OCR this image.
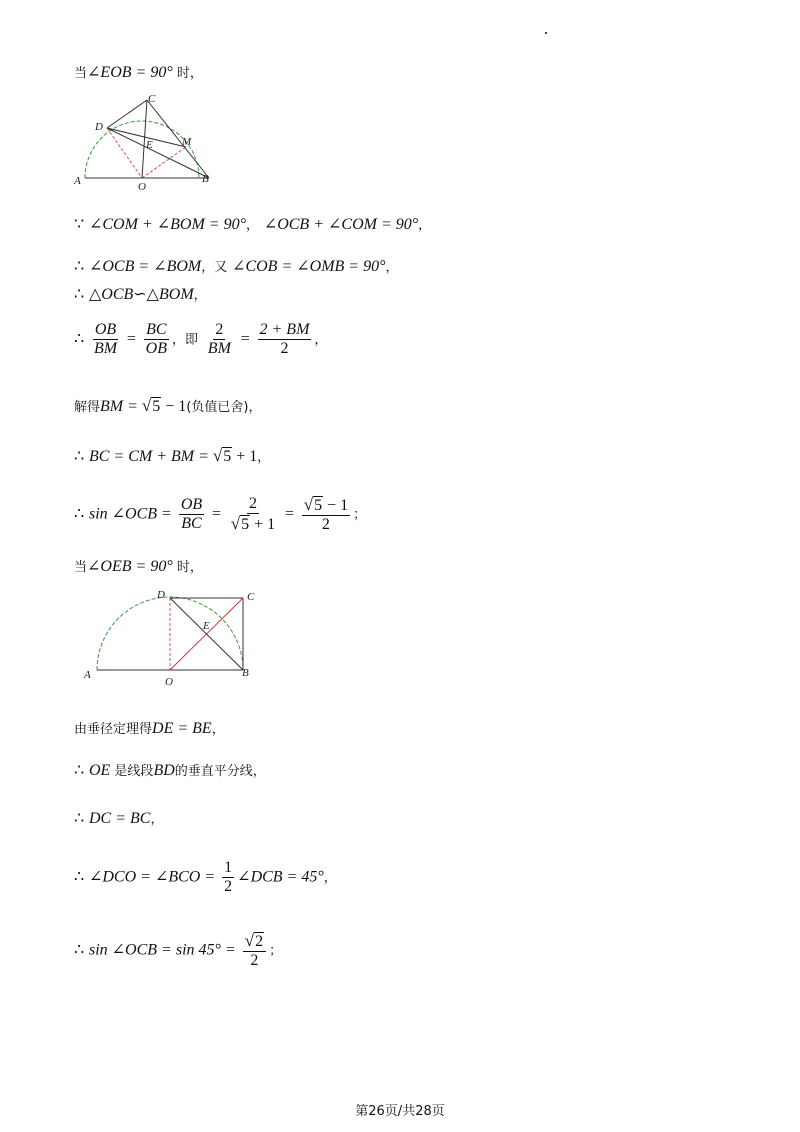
当∠EOB = 90° 时，
A	B
C
D
E	M
O
∵ ∠COM + ∠BOM = 90°， ∠OCB + ∠COM = 90°，
∴ ∠OCB = ∠BOM，又 ∠COB = ∠OMB = 90°，
∴ △OCB∽△BOM，
∴ $\frac{OB}{BM} = \frac{BC}{OB}$ ，即 $\frac{2}{BM} = \frac{2 + BM}{2}$ ，
解得BM = √ 5 − 1(负值已舍)，
∴ BC = CM + BM = √ 5 + 1，
∴ sin ∠OCB = $\frac{OB}{BC} = \frac{2}{√ 5 + 1} = \frac{√ 5 - 1}{2}$ ；
当∠OEB = 90° 时，
A	B
C
D
E
O
由垂径定理得DE = BE，
∴ OE 是线段BD的垂直平分线，
∴ DC = BC，
∴ ∠DCO = ∠BCO = $\frac{1}{2}$ ∠DCB = 45°，
∴ sin ∠OCB = $\sin 45^\circ = \frac{√ 2}{2}$ ；
第26页/共28页
